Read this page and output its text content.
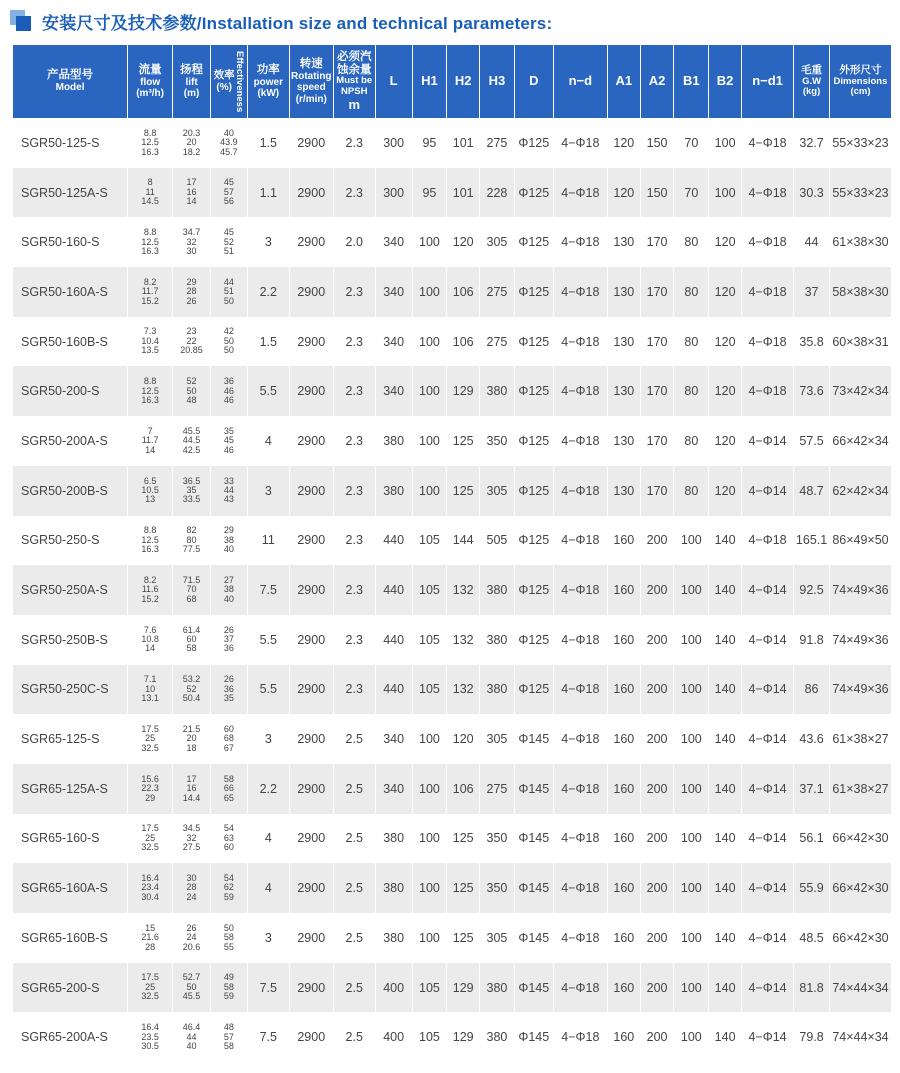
安装尺寸及技术参数/Installation size and technical parameters:
产品型号
Model	流量
flow
(m³/h)	扬程
lift
(m)	效率
(%) Effectiveness	功率
power
(kW)	转速
Rotating
speed
(r/min)	必须汽
蚀余量
Must be
NPSH
m	L	H1	H2	H3	D	n−d	A1	A2	B1	B2	n−d1	毛重
G.W
(kg)	外形尺寸
Dimensions
(cm)

SGR50-125-S	8.8
12.5
16.3	20.3
20
18.2	40
43.9
45.7	1.5	2900	2.3	300	95	101	275	Φ125	4−Φ18	120	150	70	100	4−Φ18	32.7	55×33×23
SGR50-125A-S	8
11
14.5	17
16
14	45
57
56	1.1	2900	2.3	300	95	101	228	Φ125	4−Φ18	120	150	70	100	4−Φ18	30.3	55×33×23
SGR50-160-S	8.8
12.5
16.3	34.7
32
30	45
52
51	3	2900	2.0	340	100	120	305	Φ125	4−Φ18	130	170	80	120	4−Φ18	44	61×38×30
SGR50-160A-S	8.2
11.7
15.2	29
28
26	44
51
50	2.2	2900	2.3	340	100	106	275	Φ125	4−Φ18	130	170	80	120	4−Φ18	37	58×38×30
SGR50-160B-S	7.3
10.4
13.5	23
22
20.85	42
50
50	1.5	2900	2.3	340	100	106	275	Φ125	4−Φ18	130	170	80	120	4−Φ18	35.8	60×38×31
SGR50-200-S	8.8
12.5
16.3	52
50
48	36
46
46	5.5	2900	2.3	340	100	129	380	Φ125	4−Φ18	130	170	80	120	4−Φ18	73.6	73×42×34
SGR50-200A-S	7
11.7
14	45.5
44.5
42.5	35
45
46	4	2900	2.3	380	100	125	350	Φ125	4−Φ18	130	170	80	120	4−Φ14	57.5	66×42×34
SGR50-200B-S	6.5
10.5
13	36.5
35
33.5	33
44
43	3	2900	2.3	380	100	125	305	Φ125	4−Φ18	130	170	80	120	4−Φ14	48.7	62×42×34
SGR50-250-S	8.8
12.5
16.3	82
80
77.5	29
38
40	11	2900	2.3	440	105	144	505	Φ125	4−Φ18	160	200	100	140	4−Φ18	165.1	86×49×50
SGR50-250A-S	8.2
11.6
15.2	71.5
70
68	27
38
40	7.5	2900	2.3	440	105	132	380	Φ125	4−Φ18	160	200	100	140	4−Φ14	92.5	74×49×36
SGR50-250B-S	7.6
10.8
14	61.4
60
58	26
37
36	5.5	2900	2.3	440	105	132	380	Φ125	4−Φ18	160	200	100	140	4−Φ14	91.8	74×49×36
SGR50-250C-S	7.1
10
13.1	53.2
52
50.4	26
36
35	5.5	2900	2.3	440	105	132	380	Φ125	4−Φ18	160	200	100	140	4−Φ14	86	74×49×36
SGR65-125-S	17.5
25
32.5	21.5
20
18	60
68
67	3	2900	2.5	340	100	120	305	Φ145	4−Φ18	160	200	100	140	4−Φ14	43.6	61×38×27
SGR65-125A-S	15.6
22.3
29	17
16
14.4	58
66
65	2.2	2900	2.5	340	100	106	275	Φ145	4−Φ18	160	200	100	140	4−Φ14	37.1	61×38×27
SGR65-160-S	17.5
25
32.5	34.5
32
27.5	54
63
60	4	2900	2.5	380	100	125	350	Φ145	4−Φ18	160	200	100	140	4−Φ14	56.1	66×42×30
SGR65-160A-S	16.4
23.4
30.4	30
28
24	54
62
59	4	2900	2.5	380	100	125	350	Φ145	4−Φ18	160	200	100	140	4−Φ14	55.9	66×42×30
SGR65-160B-S	15
21.6
28	26
24
20.6	50
58
55	3	2900	2.5	380	100	125	305	Φ145	4−Φ18	160	200	100	140	4−Φ14	48.5	66×42×30
SGR65-200-S	17.5
25
32.5	52.7
50
45.5	49
58
59	7.5	2900	2.5	400	105	129	380	Φ145	4−Φ18	160	200	100	140	4−Φ14	81.8	74×44×34
SGR65-200A-S	16.4
23.5
30.5	46.4
44
40	48
57
58	7.5	2900	2.5	400	105	129	380	Φ145	4−Φ18	160	200	100	140	4−Φ14	79.8	74×44×34
